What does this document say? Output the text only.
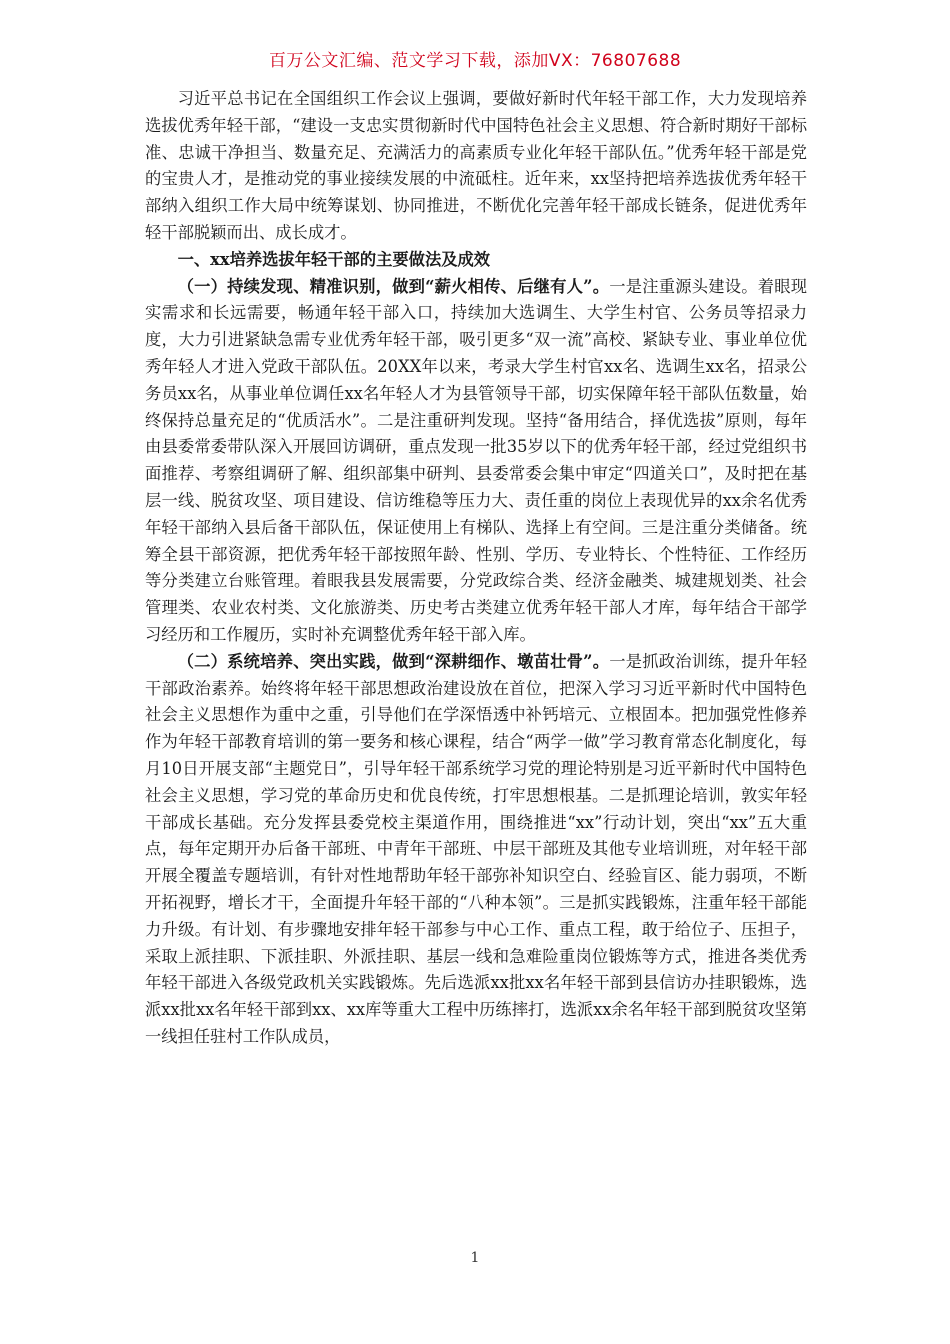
百万公文汇编、范文学习下载，添加VX：76807688

习近平总书记在全国组织工作会议上强调，要做好新时代年轻干部工作，大力发现培养选拔优秀年轻干部，“建设一支忠实贯彻新时代中国特色社会主义思想、符合新时期好干部标准、忠诚干净担当、数量充足、充满活力的高素质专业化年轻干部队伍。”优秀年轻干部是党的宝贵人才，是推动党的事业接续发展的中流砥柱。近年来，xx坚持把培养选拔优秀年轻干部纳入组织工作大局中统筹谋划、协同推进，不断优化完善年轻干部成长链条，促进优秀年轻干部脱颖而出、成长成才。

一、xx培养选拔年轻干部的主要做法及成效

（一）持续发现、精准识别，做到“薪火相传、后继有人”。一是注重源头建设。着眼现实需求和长远需要，畅通年轻干部入口，持续加大选调生、大学生村官、公务员等招录力度，大力引进紧缺急需专业优秀年轻干部，吸引更多“双一流”高校、紧缺专业、事业单位优秀年轻人才进入党政干部队伍。20XX年以来，考录大学生村官xx名、选调生xx名，招录公务员xx名，从事业单位调任xx名年轻人才为县管领导干部，切实保障年轻干部队伍数量，始终保持总量充足的“优质活水”。二是注重研判发现。坚持“备用结合，择优选拔”原则，每年由县委常委带队深入开展回访调研，重点发现一批35岁以下的优秀年轻干部，经过党组织书面推荐、考察组调研了解、组织部集中研判、县委常委会集中审定“四道关口”，及时把在基层一线、脱贫攻坚、项目建设、信访维稳等压力大、责任重的岗位上表现优异的xx余名优秀年轻干部纳入县后备干部队伍，保证使用上有梯队、选择上有空间。三是注重分类储备。统筹全县干部资源，把优秀年轻干部按照年龄、性别、学历、专业特长、个性特征、工作经历等分类建立台账管理。着眼我县发展需要，分党政综合类、经济金融类、城建规划类、社会管理类、农业农村类、文化旅游类、历史考古类建立优秀年轻干部人才库，每年结合干部学习经历和工作履历，实时补充调整优秀年轻干部入库。

（二）系统培养、突出实践，做到“深耕细作、墩苗壮骨”。一是抓政治训练，提升年轻干部政治素养。始终将年轻干部思想政治建设放在首位，把深入学习习近平新时代中国特色社会主义思想作为重中之重，引导他们在学深悟透中补钙培元、立根固本。把加强党性修养作为年轻干部教育培训的第一要务和核心课程，结合“两学一做”学习教育常态化制度化，每月10日开展支部“主题党日”，引导年轻干部系统学习党的理论特别是习近平新时代中国特色社会主义思想，学习党的革命历史和优良传统，打牢思想根基。二是抓理论培训，敦实年轻干部成长基础。充分发挥县委党校主渠道作用，围绕推进“xx”行动计划，突出“xx”五大重点，每年定期开办后备干部班、中青年干部班、中层干部班及其他专业培训班，对年轻干部开展全覆盖专题培训，有针对性地帮助年轻干部弥补知识空白、经验盲区、能力弱项，不断开拓视野，增长才干，全面提升年轻干部的“八种本领”。三是抓实践锻炼，注重年轻干部能力升级。有计划、有步骤地安排年轻干部参与中心工作、重点工程，敢于给位子、压担子，采取上派挂职、下派挂职、外派挂职、基层一线和急难险重岗位锻炼等方式，推进各类优秀年轻干部进入各级党政机关实践锻炼。先后选派xx批xx名年轻干部到县信访办挂职锻炼，选派xx批xx名年轻干部到xx、xx库等重大工程中历练摔打，选派xx余名年轻干部到脱贫攻坚第一线担任驻村工作队成员，

1
